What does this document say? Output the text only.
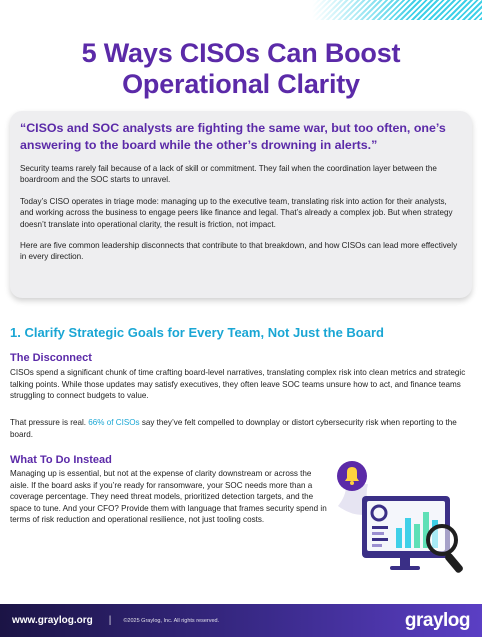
5 Ways CISOs Can Boost
Operational Clarity
“CISOs and SOC analysts are fighting the same war, but too often, one’s answering to the board while the other’s drowning in alerts.”

Security teams rarely fail because of a lack of skill or commitment. They fail when the coordination layer between the boardroom and the SOC starts to unravel.

Today’s CISO operates in triage mode: managing up to the executive team, translating risk into action for their analysts, and working across the business to engage peers like finance and legal. That’s already a complex job. But when strategy doesn’t translate into operational clarity, the result is friction, not impact.

Here are five common leadership disconnects that contribute to that breakdown, and how CISOs can lead more effectively in every direction.

1. Clarify Strategic Goals for Every Team, Not Just the Board
The Disconnect

CISOs spend a significant chunk of time crafting board-level narratives, translating complex risk into clean metrics and strategic talking points. While those updates may satisfy executives, they often leave SOC teams unsure how to act, and finance teams struggling to connect budgets to value.

That pressure is real. 66% of CISOs say they’ve felt compelled to downplay or distort cybersecurity risk when reporting to the board.

What To Do Instead

Managing up is essential, but not at the expense of clarity downstream or across the aisle. If the board asks if you’re ready for ransomware, your SOC needs more than a coverage percentage. They need threat models, prioritized detection targets, and the space to tune. And your CFO? Provide them with language that frames security spend in terms of risk reduction and operational resilience, not just tooling costs.

www.graylog.org | ©2025 Graylog, Inc. All rights reserved.	graylog
